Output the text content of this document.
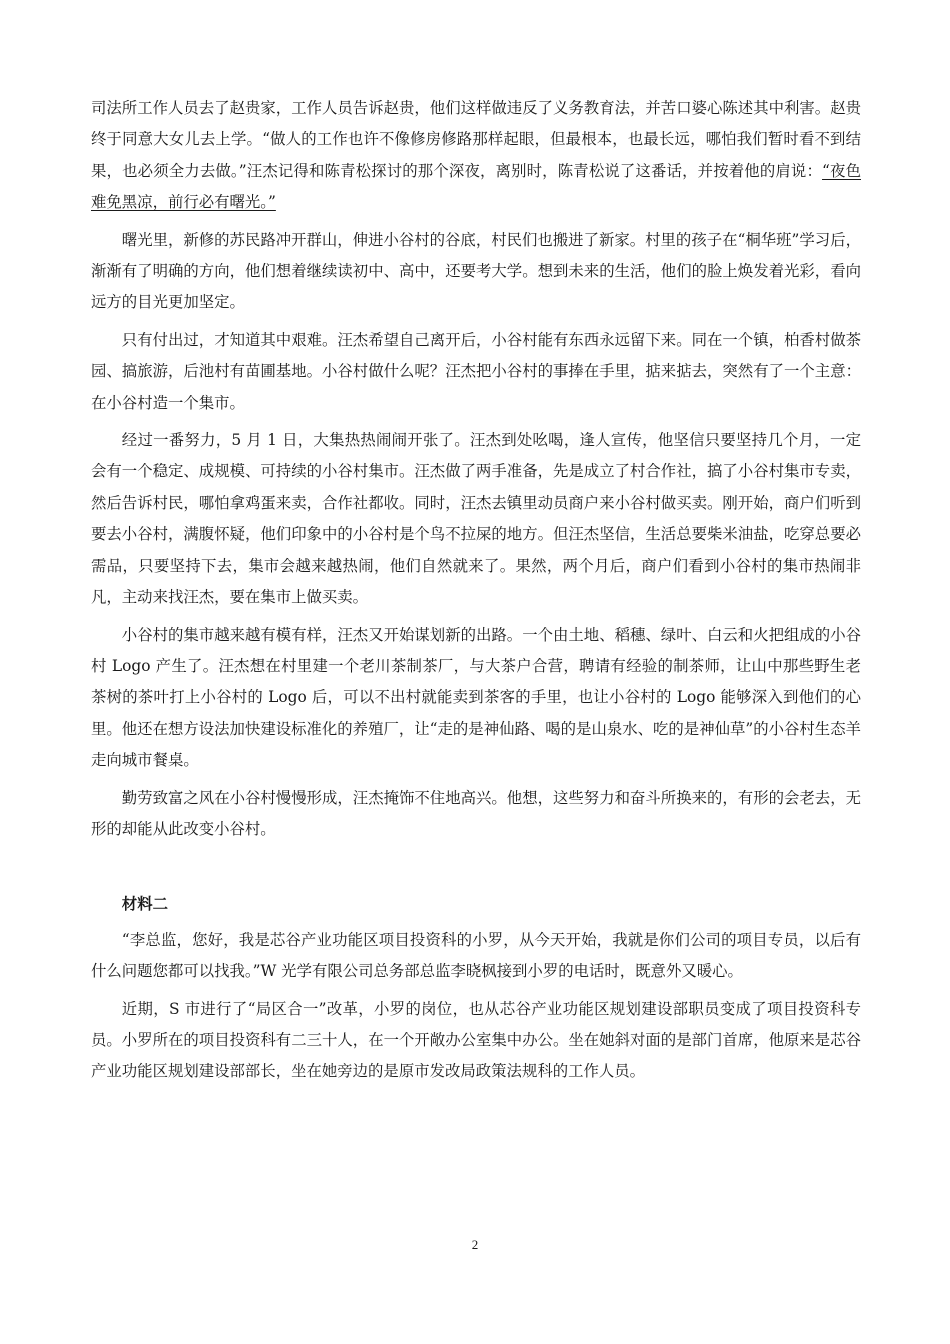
司法所工作人员去了赵贵家，工作人员告诉赵贵，他们这样做违反了义务教育法，并苦口婆心陈述其中利害。赵贵终于同意大女儿去上学。“做人的工作也许不像修房修路那样起眼，但最根本，也最长远，哪怕我们暂时看不到结果，也必须全力去做。”汪杰记得和陈青松探讨的那个深夜，离别时，陈青松说了这番话，并按着他的肩说：“夜色难免黑凉，前行必有曙光。”

曙光里，新修的苏民路冲开群山，伸进小谷村的谷底，村民们也搬进了新家。村里的孩子在“桐华班”学习后，渐渐有了明确的方向，他们想着继续读初中、高中，还要考大学。想到未来的生活，他们的脸上焕发着光彩，看向远方的目光更加坚定。

只有付出过，才知道其中艰难。汪杰希望自己离开后，小谷村能有东西永远留下来。同在一个镇，柏香村做茶园、搞旅游，后池村有苗圃基地。小谷村做什么呢？汪杰把小谷村的事捧在手里，掂来掂去，突然有了一个主意：在小谷村造一个集市。

经过一番努力，5 月 1 日，大集热热闹闹开张了。汪杰到处吆喝，逢人宣传，他坚信只要坚持几个月，一定会有一个稳定、成规模、可持续的小谷村集市。汪杰做了两手准备，先是成立了村合作社，搞了小谷村集市专卖，然后告诉村民，哪怕拿鸡蛋来卖，合作社都收。同时，汪杰去镇里动员商户来小谷村做买卖。刚开始，商户们听到要去小谷村，满腹怀疑，他们印象中的小谷村是个鸟不拉屎的地方。但汪杰坚信，生活总要柴米油盐，吃穿总要必需品，只要坚持下去，集市会越来越热闹，他们自然就来了。果然，两个月后，商户们看到小谷村的集市热闹非凡，主动来找汪杰，要在集市上做买卖。

小谷村的集市越来越有模有样，汪杰又开始谋划新的出路。一个由土地、稻穗、绿叶、白云和火把组成的小谷村 Logo 产生了。汪杰想在村里建一个老川茶制茶厂，与大茶户合营，聘请有经验的制茶师，让山中那些野生老茶树的茶叶打上小谷村的 Logo 后，可以不出村就能卖到茶客的手里，也让小谷村的 Logo 能够深入到他们的心里。他还在想方设法加快建设标准化的养殖厂，让“走的是神仙路、喝的是山泉水、吃的是神仙草”的小谷村生态羊走向城市餐桌。

勤劳致富之风在小谷村慢慢形成，汪杰掩饰不住地高兴。他想，这些努力和奋斗所换来的，有形的会老去，无形的却能从此改变小谷村。

材料二

“李总监，您好，我是芯谷产业功能区项目投资科的小罗，从今天开始，我就是你们公司的项目专员，以后有什么问题您都可以找我。”W 光学有限公司总务部总监李晓枫接到小罗的电话时，既意外又暖心。

近期，S 市进行了“局区合一”改革，小罗的岗位，也从芯谷产业功能区规划建设部职员变成了项目投资科专员。小罗所在的项目投资科有二三十人，在一个开敞办公室集中办公。坐在她斜对面的是部门首席，他原来是芯谷产业功能区规划建设部部长，坐在她旁边的是原市发改局政策法规科的工作人员。

2
